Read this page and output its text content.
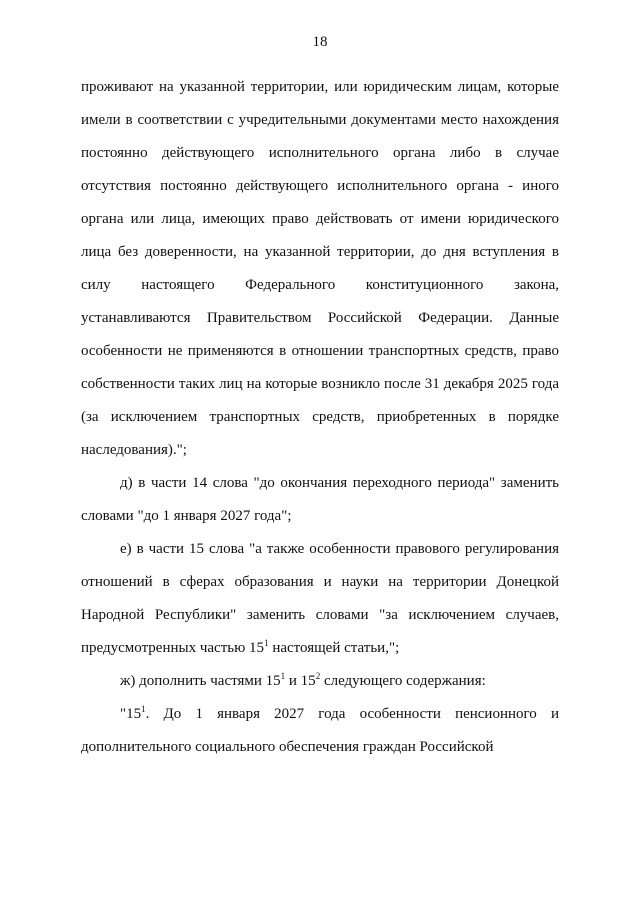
18

проживают на указанной территории, или юридическим лицам, которые имели в соответствии с учредительными документами место нахождения постоянно действующего исполнительного органа либо в случае отсутствия постоянно действующего исполнительного органа - иного органа или лица, имеющих право действовать от имени юридического лица без доверенности, на указанной территории, до дня вступления в силу настоящего Федерального конституционного закона, устанавливаются Правительством Российской Федерации. Данные особенности не применяются в отношении транспортных средств, право собственности таких лиц на которые возникло после 31 декабря 2025 года (за исключением транспортных средств, приобретенных в порядке наследования).";

д) в части 14 слова "до окончания переходного периода" заменить словами "до 1 января 2027 года";

е) в части 15 слова "а также особенности правового регулирования отношений в сферах образования и науки на территории Донецкой Народной Республики" заменить словами "за исключением случаев, предусмотренных частью $15^1$ настоящей статьи,";

ж) дополнить частями $15^1$ и $15^2$ следующего содержания:

"$15^1$. До 1 января 2027 года особенности пенсионного и дополнительного социального обеспечения граждан Российской
